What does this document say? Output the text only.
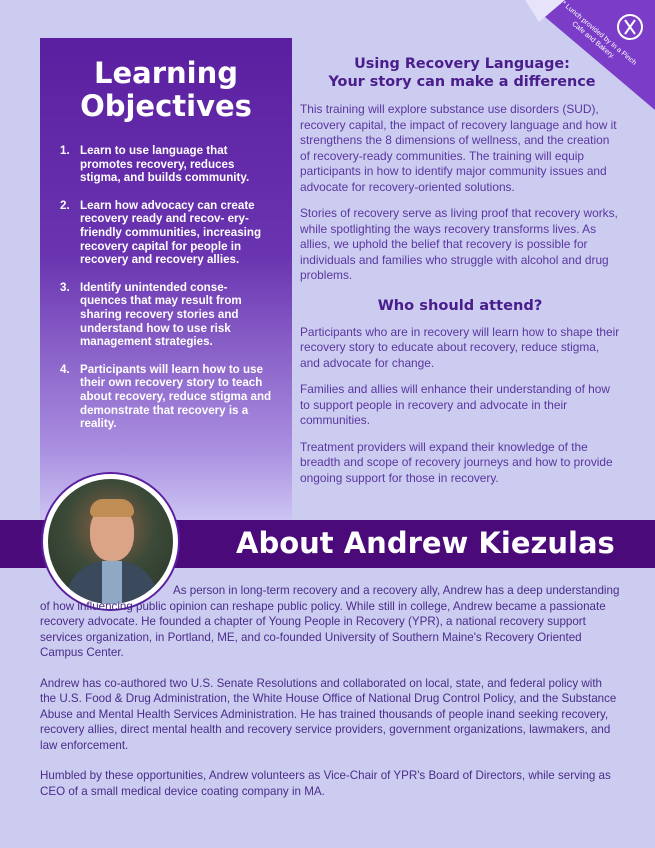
Learning
Objectives
1. Learn to use language that promotes recovery, reduces stigma, and builds community.
2. Learn how advocacy can create recovery ready and recov- ery-friendly communities, increasing recovery capital for people in recovery and recovery allies.
3. Identify unintended conse- quences that may result from sharing recovery stories and understand how to use risk management strategies.
4. Participants will learn how to use their own recovery story to teach about recovery, reduce stigma and demonstrate that recovery is a reality.
Using Recovery Language:
Your story can make a difference

This training will explore substance use disorders (SUD), recovery capital, the impact of recovery language and how it strengthens the 8 dimensions of wellness, and the creation of recovery-ready communities. The training will equip participants in how to identify major community issues and advocate for recovery-oriented solutions.

Stories of recovery serve as living proof that recovery works, while spotlighting the ways recovery transforms lives. As allies, we uphold the belief that recovery is possible for individuals and families who struggle with alcohol and drug problems.

Who should attend?

Participants who are in recovery will learn how to shape their recovery story to educate about recovery, reduce stigma, and advocate for change.

Families and allies will enhance their understanding of how to support people in recovery and advocate in their communities.

Treatment providers will expand their knowledge of the breadth and scope of recovery journeys and how to provide ongoing support for those in recovery.

* Lunch provided by In a Pinch Cafe and Bakery.
About Andrew Kiezulas

As person in long-term recovery and a recovery ally, Andrew has a deep understanding of how influencing public opinion can reshape public policy. While still in college, Andrew became a passionate recovery advocate. He founded a chapter of Young People in Recovery (YPR), a national recovery support services organization, in Portland, ME, and co-founded University of Southern Maine's Recovery Oriented Campus Center.

Andrew has co-authored two U.S. Senate Resolutions and collaborated on local, state, and federal policy with the U.S. Food & Drug Administration, the White House Office of National Drug Control Policy, and the Substance Abuse and Mental Health Services Administration. He has trained thousands of people inand seeking recovery, recovery allies, direct mental health and recovery service providers, government organizations, lawmakers, and law enforcement.

Humbled by these opportunities, Andrew volunteers as Vice-Chair of YPR's Board of Directors, while serving as CEO of a small medical device coating company in MA.
